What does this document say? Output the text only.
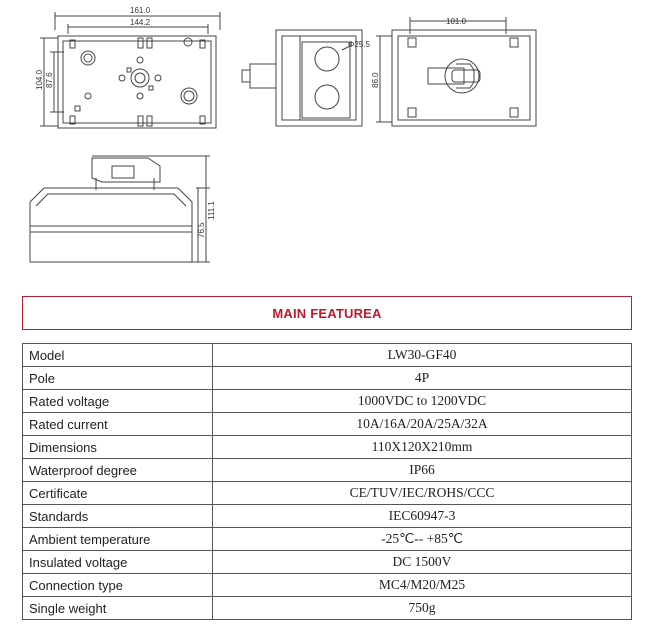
161.0
144.2
104.0 87.6
Φ25.5
101.0
86.0
111.1
76.5
MAIN FEATUREA
Model	LW30-GF40
Pole	4P
Rated voltage	1000VDC to 1200VDC
Rated current	10A/16A/20A/25A/32A
Dimensions	110X120X210mm
Waterproof degree	IP66
Certificate	CE/TUV/IEC/ROHS/CCC
Standards	IEC60947-3
Ambient temperature	-25℃-- +85℃
Insulated voltage	DC 1500V
Connection type	MC4/M20/M25
Single weight	750g
